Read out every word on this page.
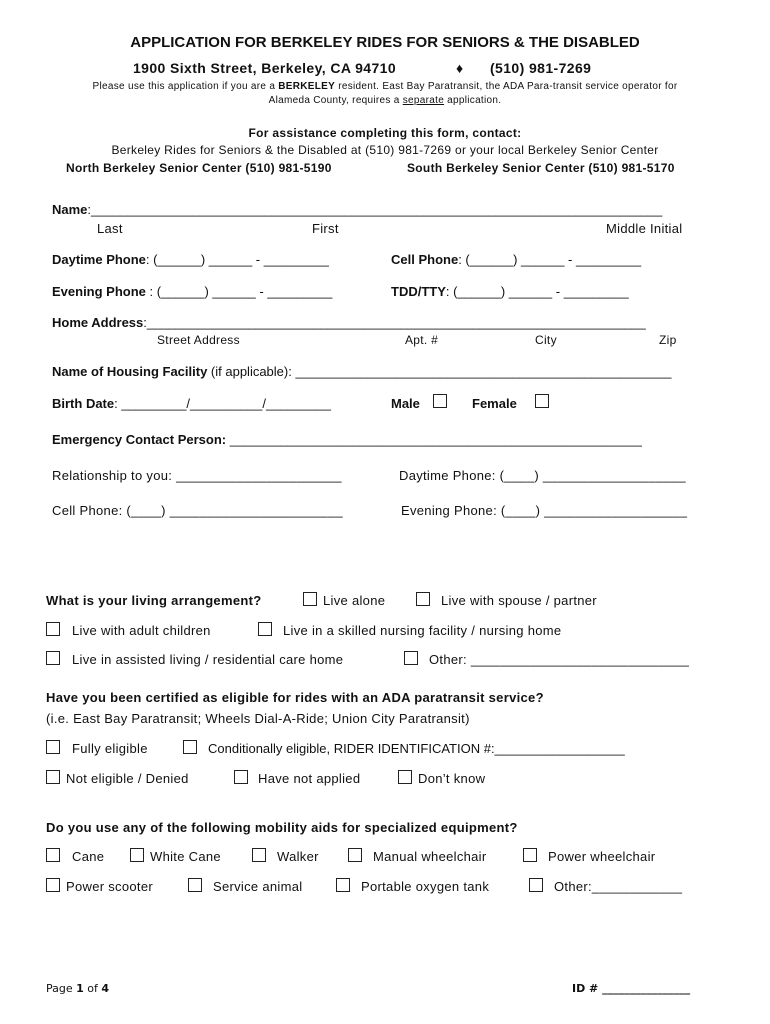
APPLICATION FOR BERKELEY RIDES FOR SENIORS & THE DISABLED
1900 Sixth Street, Berkeley, CA 94710	♦ (510) 981-7269
Please use this application if you are a BERKELEY resident. East Bay Paratransit, the ADA Para-transit service operator for
Alameda County, requires a separate application.
For assistance completing this form, contact:
Berkeley Rides for Seniors & the Disabled at (510) 981-7269 or your local Berkeley Senior Center
North Berkeley Senior Center (510) 981-5190	South Berkeley Senior Center (510) 981-5170
Name:_______________________________________________________________________________
Last	First	Middle Initial
Daytime Phone: (______) ______ - _________	Cell Phone: (______) ______ - _________
Evening Phone : (______) ______ - _________	TDD/TTY: (______) ______ - _________
Home Address:_____________________________________________________________________
Street Address	Apt. #	City	Zip
Name of Housing Facility (if applicable): ____________________________________________________
Birth Date: _________/__________/_________	Male	Female
Emergency Contact Person: _________________________________________________________
Relationship to you: ______________________	Daytime Phone: (____) ___________________
Cell Phone: (____) _______________________	Evening Phone: (____) ___________________
What is your living arrangement?	Live alone	Live with spouse / partner
Live with adult children	Live in a skilled nursing facility / nursing home
Live in assisted living / residential care home	Other: _____________________________
Have you been certified as eligible for rides with an ADA paratransit service?
(i.e. East Bay Paratransit; Wheels Dial-A-Ride; Union City Paratransit)
Fully eligible	Conditionally eligible, RIDER IDENTIFICATION #:__________________
Not eligible / Denied	Have not applied	Don’t know
Do you use any of the following mobility aids for specialized equipment?
Cane	White Cane	Walker	Manual wheelchair	Power wheelchair
Power scooter	Service animal	Portable oxygen tank	Other:____________
Page 1 of 4	ID # ________________
